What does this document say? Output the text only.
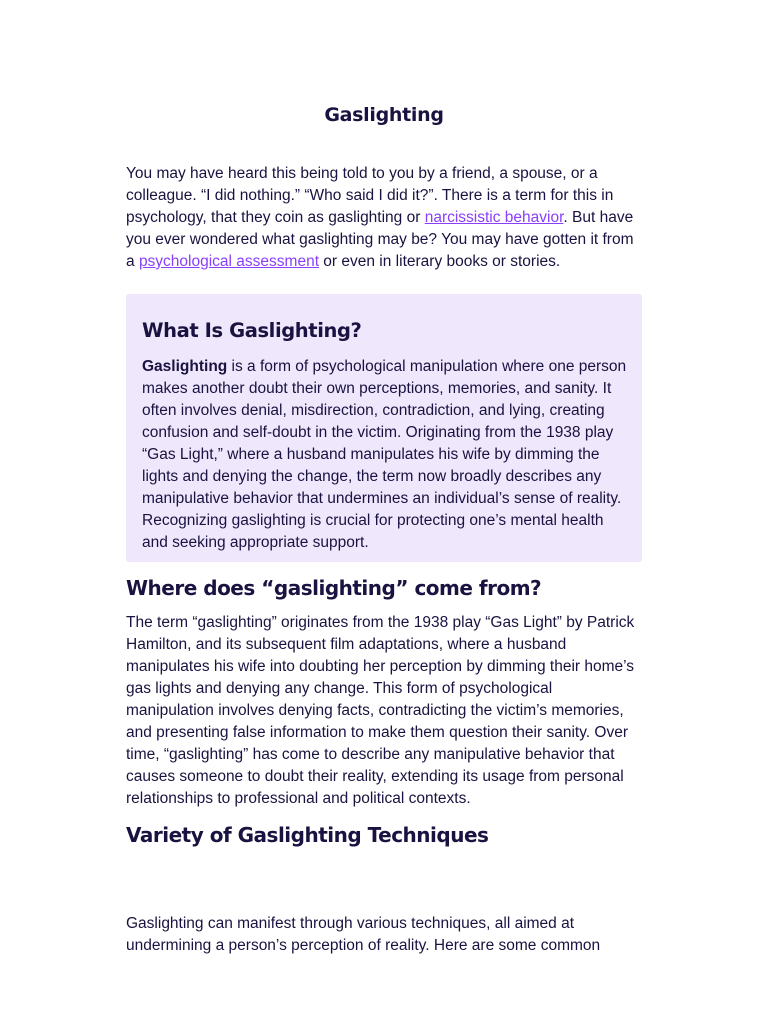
Gaslighting

You may have heard this being told to you by a friend, a spouse, or a colleague. “I did nothing.” “Who said I did it?”. There is a term for this in psychology, that they coin as gaslighting or narcissistic behavior. But have you ever wondered what gaslighting may be? You may have gotten it from a psychological assessment or even in literary books or stories.

What Is Gaslighting?

Gaslighting is a form of psychological manipulation where one person makes another doubt their own perceptions, memories, and sanity. It often involves denial, misdirection, contradiction, and lying, creating confusion and self-doubt in the victim. Originating from the 1938 play “Gas Light,” where a husband manipulates his wife by dimming the lights and denying the change, the term now broadly describes any manipulative behavior that undermines an individual’s sense of reality. Recognizing gaslighting is crucial for protecting one’s mental health and seeking appropriate support.

Where does “gaslighting” come from?

The term “gaslighting” originates from the 1938 play “Gas Light” by Patrick Hamilton, and its subsequent film adaptations, where a husband manipulates his wife into doubting her perception by dimming their home’s gas lights and denying any change. This form of psychological manipulation involves denying facts, contradicting the victim’s memories, and presenting false information to make them question their sanity. Over time, “gaslighting” has come to describe any manipulative behavior that causes someone to doubt their reality, extending its usage from personal relationships to professional and political contexts.

Variety of Gaslighting Techniques

Gaslighting can manifest through various techniques, all aimed at undermining a person’s perception of reality. Here are some common
